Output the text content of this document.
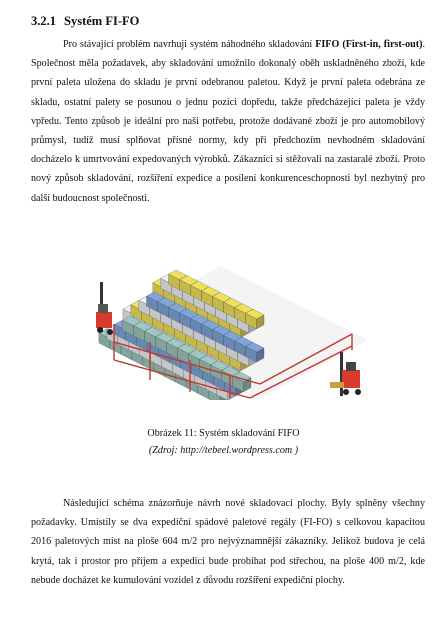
3.2.1 Systém FI-FO

Pro stávající problém navrhuji systém náhodného skladování FIFO (First-in, first-out). Společnost měla požadavek, aby skladování umožnilo dokonalý oběh uskladněného zboží, kde první paleta uložena do skladu je první odebranou paletou. Když je první paleta odebrána ze skladu, ostatní palety se posunou o jednu pozici dopředu, takže předcházející paleta je vždy vpředu. Tento způsob je ideální pro naši potřebu, protože dodávané zboží je pro automobilový průmysl, tudíž musí splňovat přísné normy, kdy při předchozím nevhodném skladování docházelo k umrtvování expedovaných výrobků. Zákazníci si stěžovali na zastaralé zboží. Proto nový způsob skladování, rozšíření expedice a posílení konkurenceschopnosti byl nezbytný pro další budoucnost společnosti.

Obrázek 11: Systém skladování FIFO

(Zdroj: http://tebeel.wordpress.com )

Následující schéma znázorňuje návrh nové skladovací plochy. Byly splněny všechny požadavky. Umístily se dva expediční spádové paletové regály (FI-FO) s celkovou kapacitou 2016 paletových míst na ploše 604 m/2 pro nejvýznamnější zákazníky. Jelikož budova je celá krytá, tak i prostor pro příjem a expedici bude probíhat pod střechou, na ploše 400 m/2, kde nebude docházet ke kumulování vozidel z důvodu rozšíření expediční plochy.
